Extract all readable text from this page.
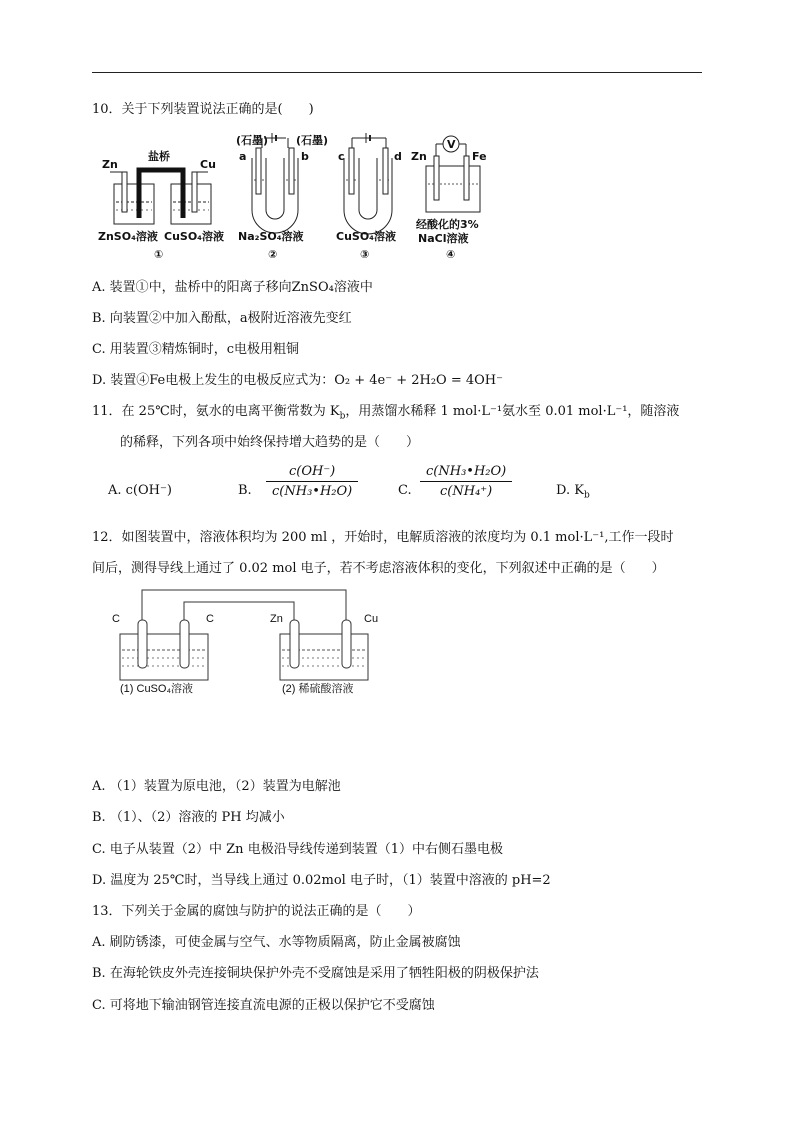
10．关于下列装置说法正确的是(　　)
Zn
盐桥
Cu
ZnSO₄溶液 CuSO₄溶液
①
(石墨)	(石墨)
a	b
Na₂SO₄溶液
②
c	d
CuSO₄溶液
③
Zn	Fe
V
经酸化的3%
NaCl溶液
④
A. 装置①中，盐桥中的阳离子移向ZnSO₄溶液中
B. 向装置②中加入酚酞，a极附近溶液先变红
C. 用装置③精炼铜时，c电极用粗铜
D. 装置④Fe电极上发生的电极反应式为：O₂ + 4e⁻ + 2H₂O = 4OH⁻
11．在 25℃时，氨水的电离平衡常数为 $K_b$，用蒸馏水稀释 1 mol·L⁻¹氨水至 0.01 mol·L⁻¹，随溶液
的稀释，下列各项中始终保持增大趋势的是（　　）
A. c(OH⁻)	B. $\frac{c(OH^-)}{\text{c(NH₃•H₂O)}}$	C. $\frac{\text{c(NH₃•H₂O)}}{\text{c(NH₄⁺)}}$	D. $K_b$
12．如图装置中，溶液体积均为 200 ml ，开始时，电解质溶液的浓度均为 0.1 mol·L⁻¹,工作一段时
间后，测得导线上通过了 0.02 mol 电子，若不考虑溶液体积的变化，下列叙述中正确的是（　　）
C	C	Zn	Cu
(1) CuSO₄溶液	(2) 稀硫酸溶液
A. （1）装置为原电池，（2）装置为电解池
B. （1）、（2）溶液的 PH 均减小
C. 电子从装置（2）中 Zn 电极沿导线传递到装置（1）中右侧石墨电极
D. 温度为 25℃时，当导线上通过 0.02mol 电子时，（1）装置中溶液的 pH=2
13．下列关于金属的腐蚀与防护的说法正确的是（　　）
A. 刷防锈漆，可使金属与空气、水等物质隔离，防止金属被腐蚀
B. 在海轮铁皮外壳连接铜块保护外壳不受腐蚀是采用了牺牲阳极的阴极保护法
C. 可将地下输油钢管连接直流电源的正极以保护它不受腐蚀
